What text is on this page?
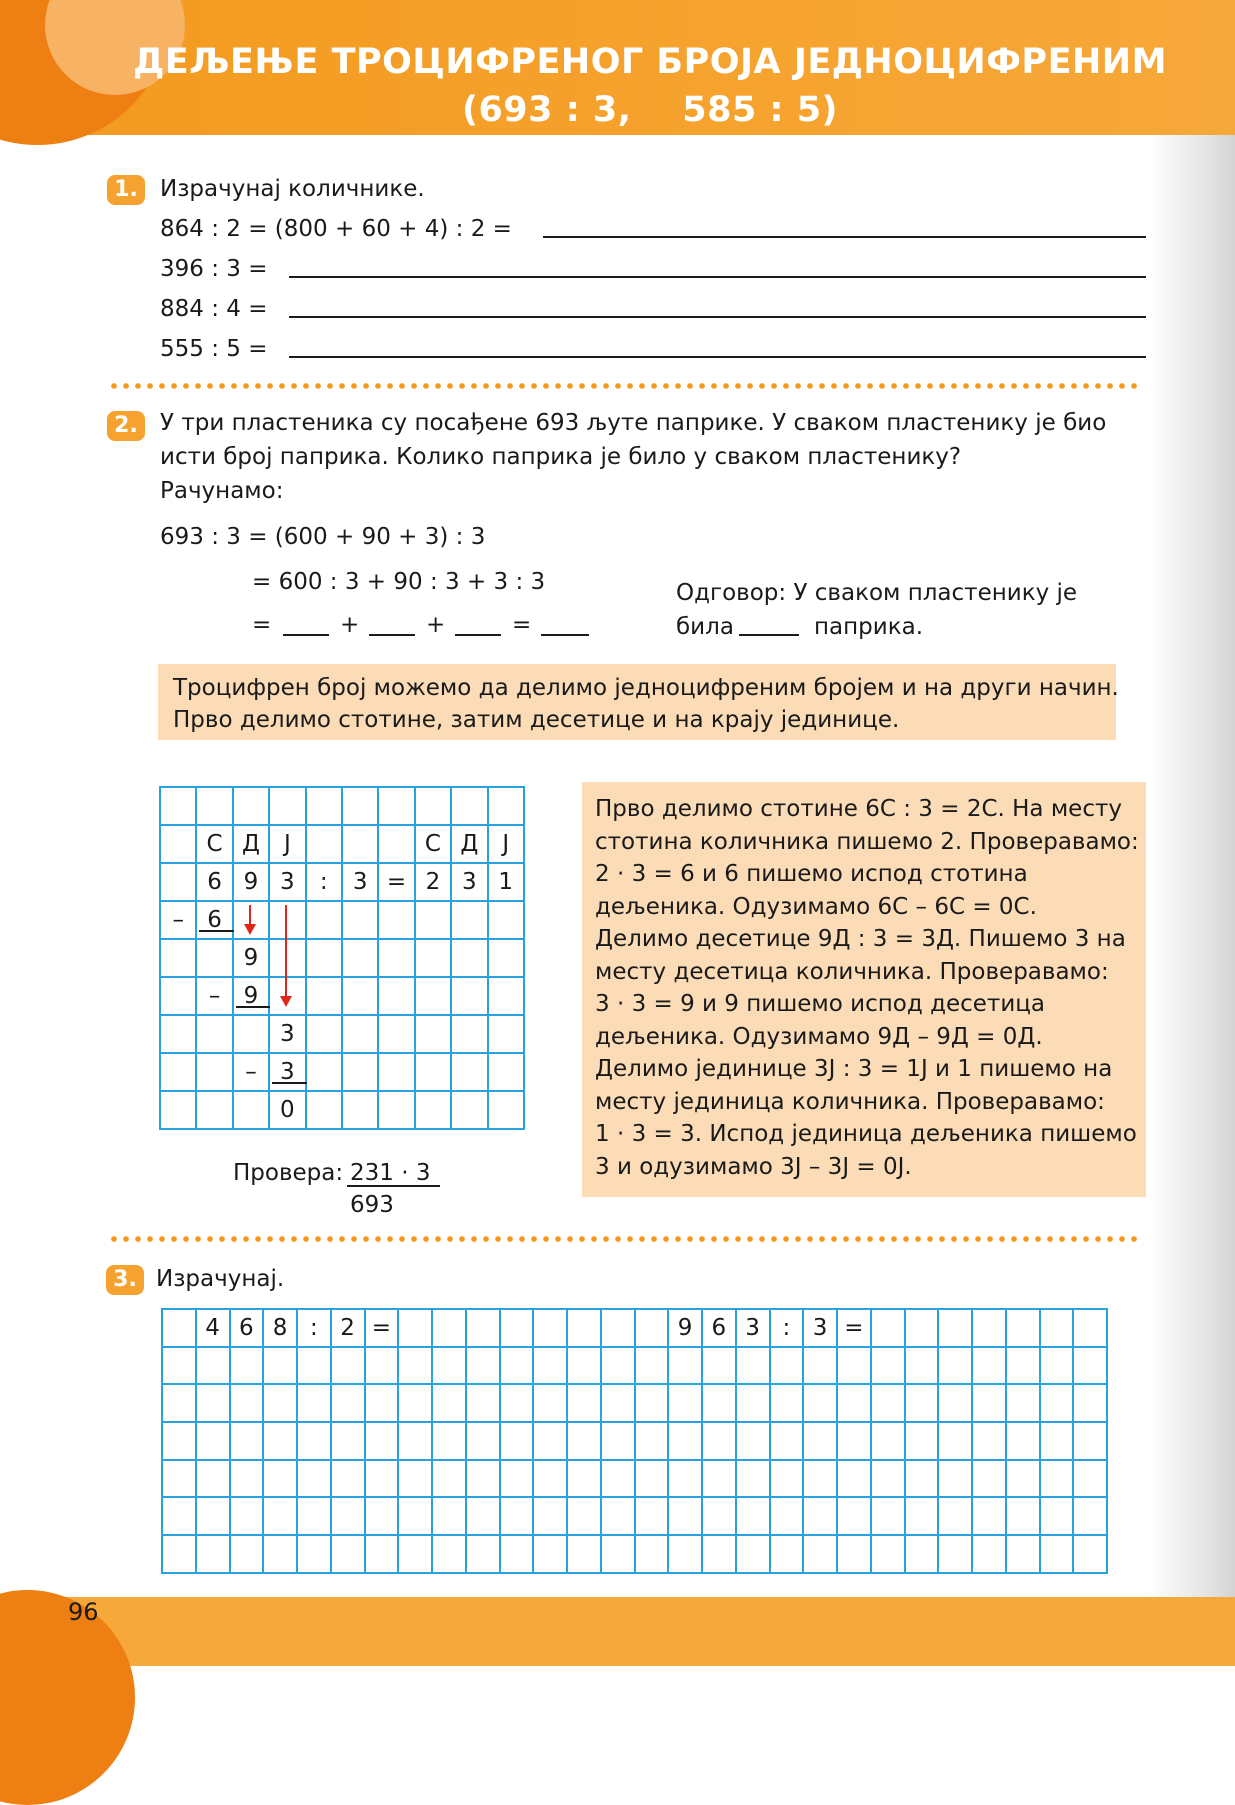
ДЕЉЕЊЕ ТРОЦИФРЕНОГ БРОЈА ЈЕДНОЦИФРЕНИМ
(693 : 3,    585 : 5)
1. Израчунај количнике.
864 : 2 = (800 + 60 + 4) : 2 =
396 : 3 =
884 : 4 =
555 : 5 =
2. У три пластеника су посађене 693 љуте паприке. У сваком пластенику је био
исти број паприка. Колико паприка је било у сваком пластенику?
Рачунамо:
693 : 3 = (600 + 90 + 3) : 3
= 600 : 3 + 90 : 3 + 3 : 3
=	+	+	=
Одговор: У сваком пластенику је
била	паприка.
Троцифрен број можемо да делимо једноцифреним бројем и на други начин.
Прво делимо стотине, затим десетице и на крају јединице.
С Д	Ј	С Д	Ј
6 9 3	:	3 = 2 3 1
–	6
9
–	9
3
–	3
0
Провера: 231 · 3
693
Прво делимо стотине 6С : 3 = 2С. На месту
стотина количника пишемо 2. Проверавамо:
2 · 3 = 6 и 6 пишемо испод стотина
дељеника. Одузимамо 6С – 6С = 0С.
Делимо десетице 9Д : 3 = 3Д. Пишемо 3 на
месту десетица количника. Проверавамо:
3 · 3 = 9 и 9 пишемо испод десетица
дељеника. Одузимамо 9Д – 9Д = 0Д.
Делимо јединице 3Ј : 3 = 1Ј и 1 пишемо на
месту јединица количника. Проверавамо:
1 · 3 = 3. Испод јединица дељеника пишемо
3 и одузимамо 3Ј – 3Ј = 0Ј.
3. Израчунај.
4 6 8 : 2 =	9 6 3 : 3 =
96
